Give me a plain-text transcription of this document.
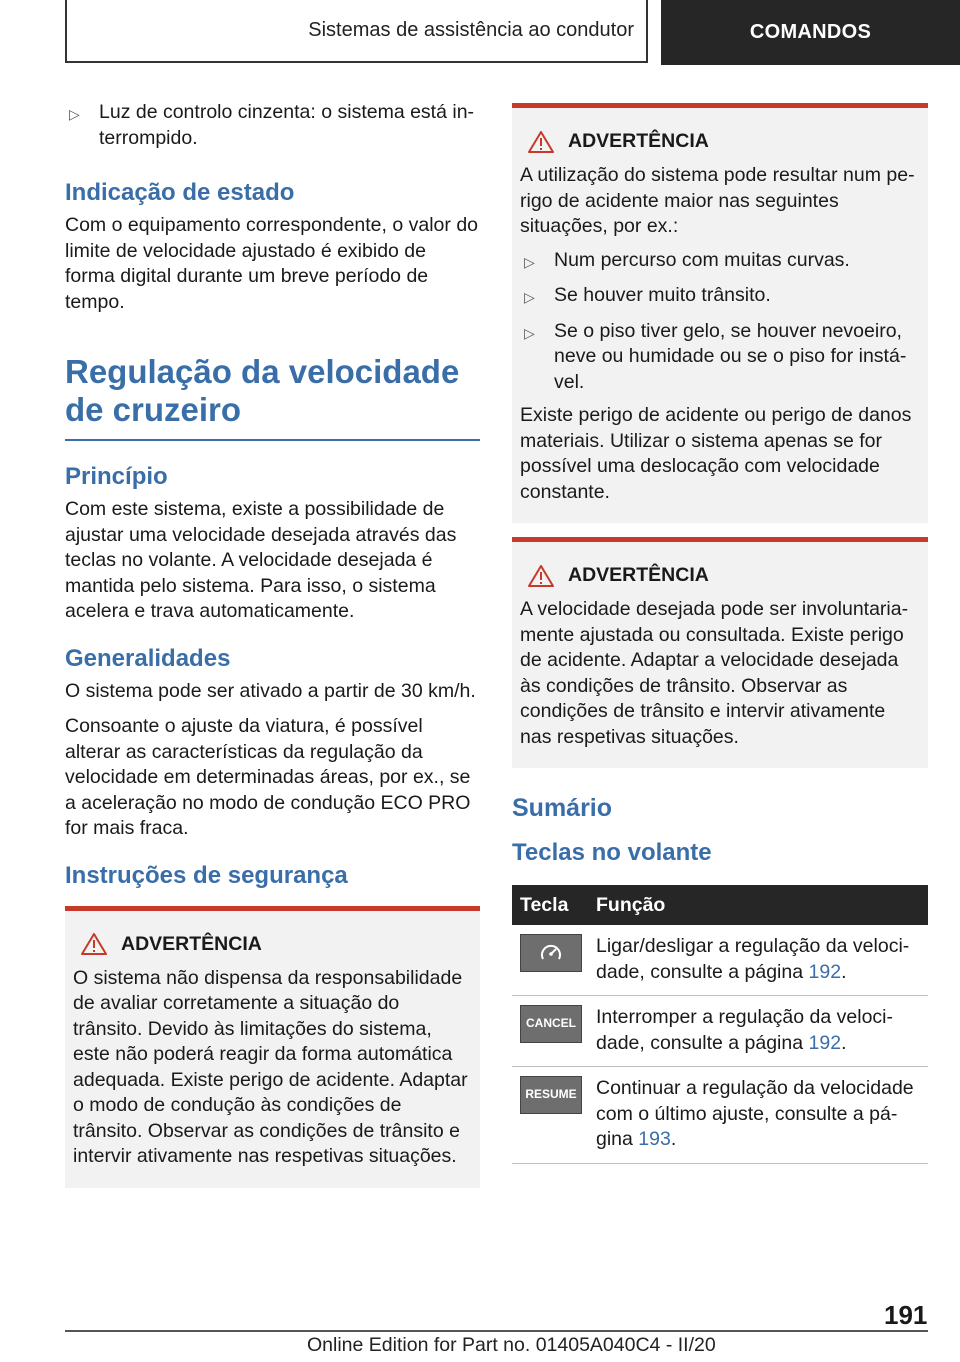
Sistemas de assistência ao condutor	COMANDOS
▷ Luz de controlo cinzenta: o sistema está interrompido.
Indicação de estado

Com o equipamento correspondente, o valor do limite de velocidade ajustado é exibido de forma digital durante um breve período de tempo.

Regulação da velocidade de cruzeiro
Princípio

Com este sistema, existe a possibilidade de ajustar uma velocidade desejada através das teclas no volante. A velocidade desejada é mantida pelo sistema. Para isso, o sistema acelera e trava automaticamente.

Generalidades

O sistema pode ser ativado a partir de 30 km/h.

Consoante o ajuste da viatura, é possível alterar as características da regulação da velocidade em determinadas áreas, por ex., se a aceleração no modo de condução ECO PRO for mais fraca.

Instruções de segurança
ADVERTÊNCIA

O sistema não dispensa da responsabilidade de avaliar corretamente a situação do trânsito. Devido às limitações do sistema, este não poderá reagir da forma automática adequada. Existe perigo de acidente. Adaptar o modo de condução às condições de trânsito. Observar as condições de trânsito e intervir ativamente nas respetivas situações.

ADVERTÊNCIA

A utilização do sistema pode resultar num perigo de acidente maior nas seguintes situações, por ex.:

▷ Num percurso com muitas curvas.
▷ Se houver muito trânsito.
▷ Se o piso tiver gelo, se houver nevoeiro, neve ou humidade ou se o piso for instável.

Existe perigo de acidente ou perigo de danos materiais. Utilizar o sistema apenas se for possível uma deslocação com velocidade constante.

ADVERTÊNCIA

A velocidade desejada pode ser involuntariamente ajustada ou consultada. Existe perigo de acidente. Adaptar a velocidade desejada às condições de trânsito. Observar as condições de trânsito e intervir ativamente nas respetivas situações.

Sumário
Teclas no volante
Tecla	Função

	Ligar/desligar a regulação da velocidade, consulte a página 192.

CANCEL	Interromper a regulação da velocidade, consulte a página 192.

RESUME	Continuar a regulação da velocidade com o último ajuste, consulte a página 193.
191
Online Edition for Part no. 01405A040C4 - II/20
